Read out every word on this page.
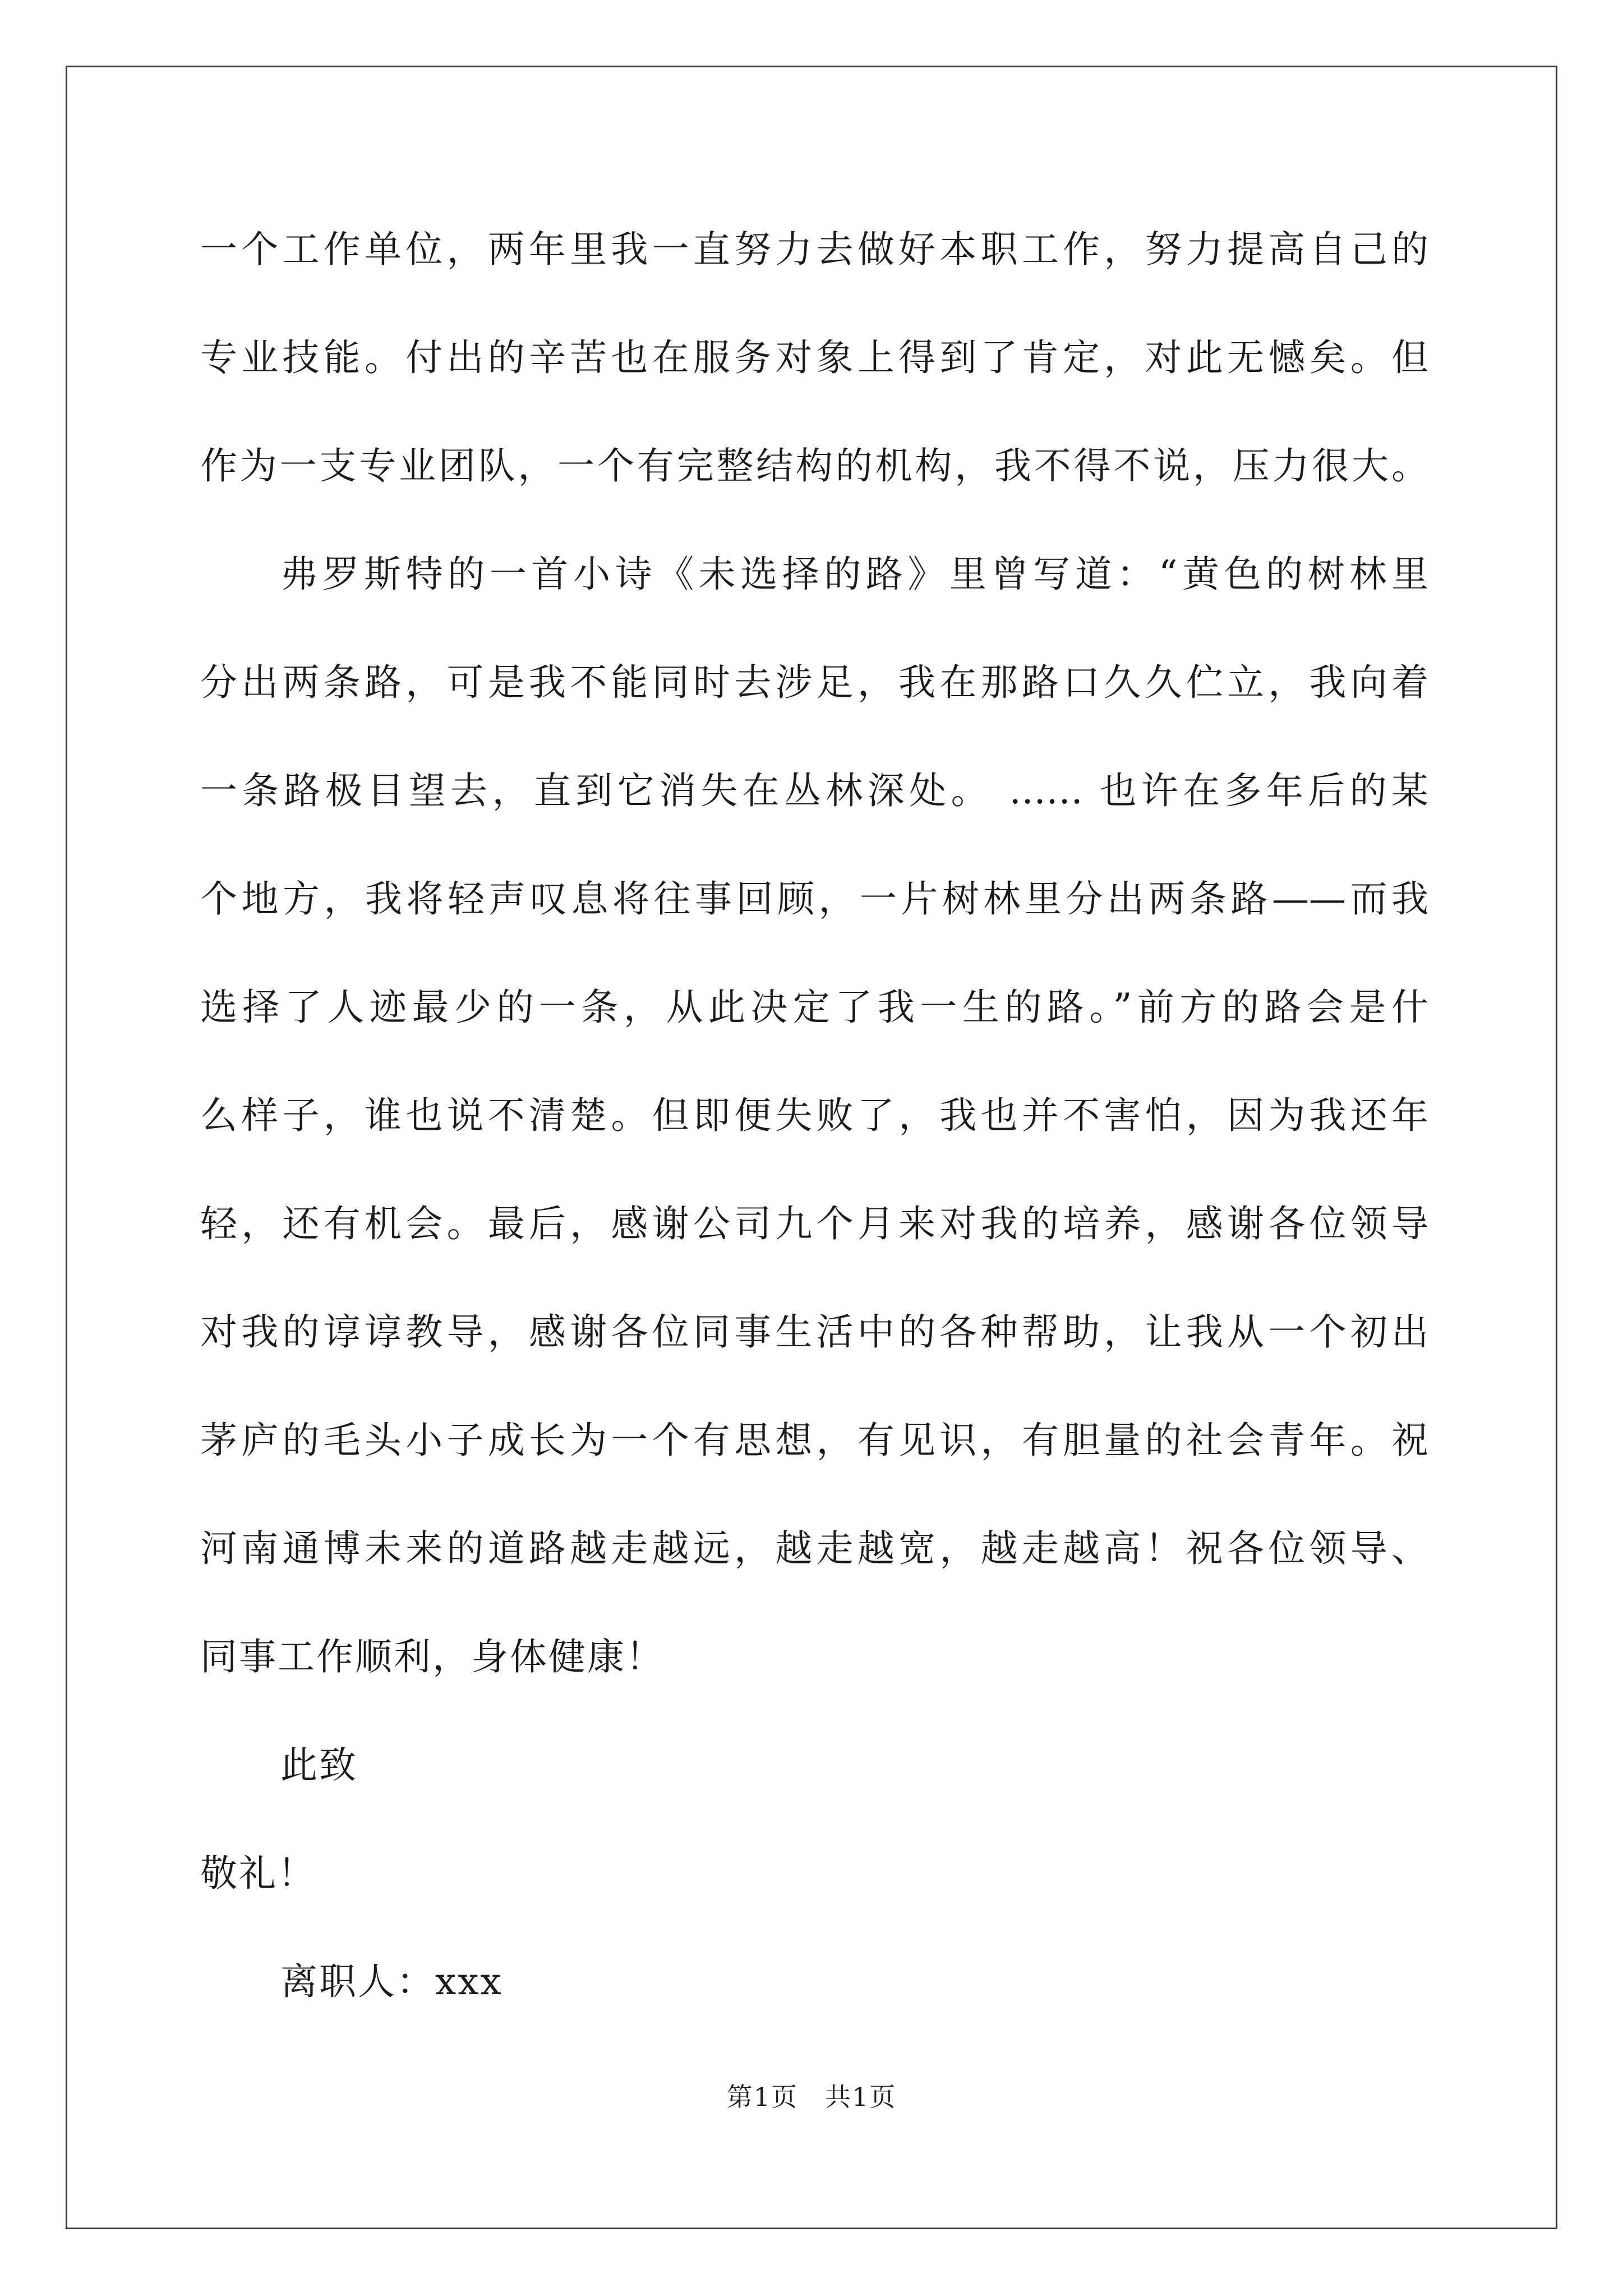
一个工作单位，两年里我一直努力去做好本职工作，努力提高自己的
专业技能。付出的辛苦也在服务对象上得到了肯定，对此无憾矣。但
作为一支专业团队，一个有完整结构的机构，我不得不说，压力很大。
弗罗斯特的一首小诗《未选择的路》里曾写道：“黄色的树林里
分出两条路，可是我不能同时去涉足，我在那路口久久伫立，我向着
一条路极目望去，直到它消失在丛林深处。 …… 也许在多年后的某
个地方，我将轻声叹息将往事回顾，一片树林里分出两条路——而我
选择了人迹最少的一条，从此决定了我一生的路。”前方的路会是什
么样子，谁也说不清楚。但即便失败了，我也并不害怕，因为我还年
轻，还有机会。最后，感谢公司九个月来对我的培养，感谢各位领导
对我的谆谆教导，感谢各位同事生活中的各种帮助，让我从一个初出
茅庐的毛头小子成长为一个有思想，有见识，有胆量的社会青年。祝
河南通博未来的道路越走越远，越走越宽，越走越高！祝各位领导、
同事工作顺利，身体健康！
此致
敬礼！
离职人：xxx
第1页　共1页
